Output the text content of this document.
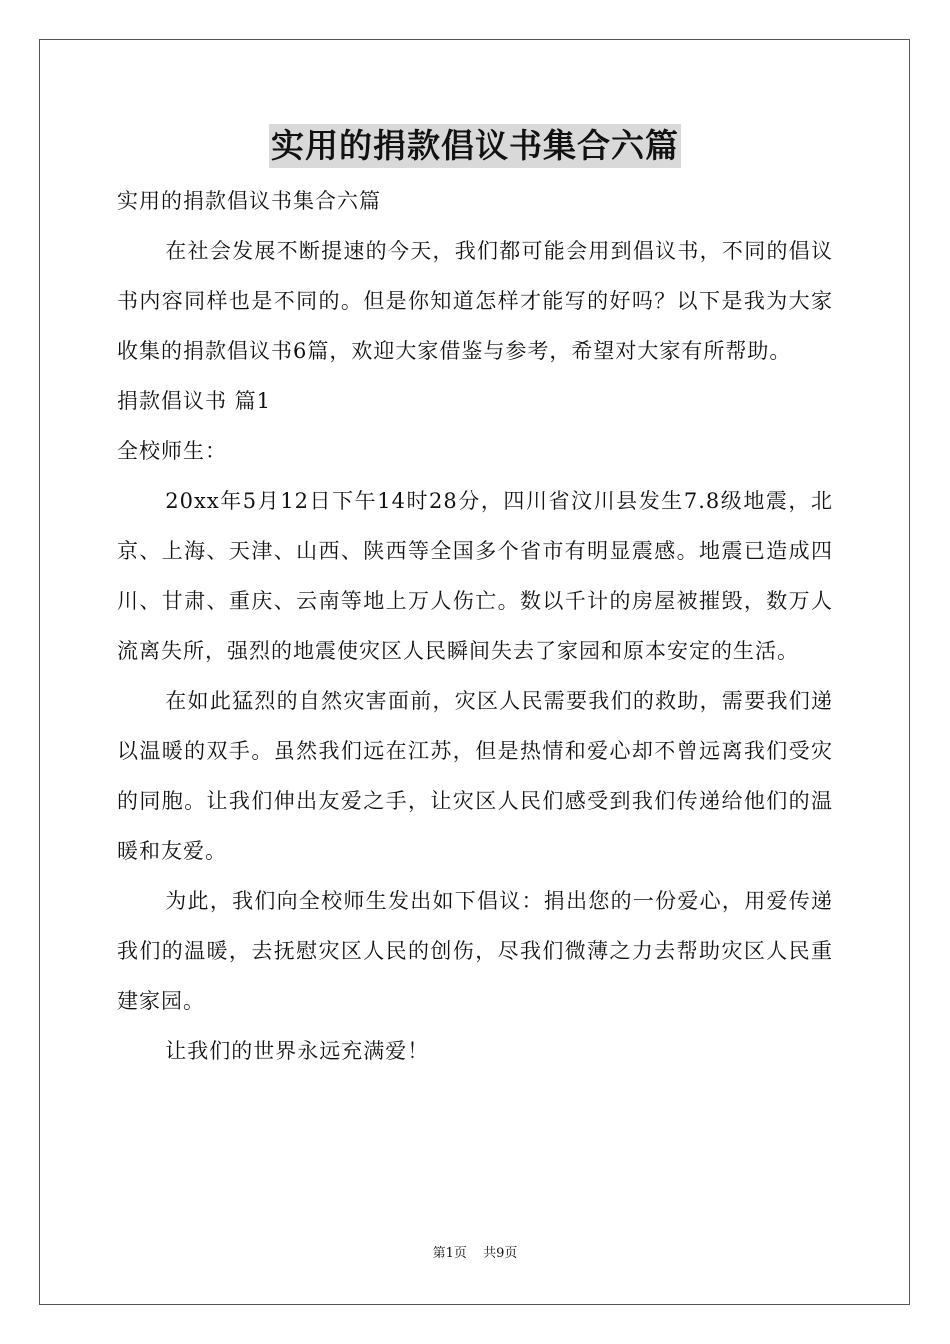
实用的捐款倡议书集合六篇

实用的捐款倡议书集合六篇

在社会发展不断提速的今天，我们都可能会用到倡议书，不同的倡议书内容同样也是不同的。但是你知道怎样才能写的好吗？以下是我为大家收集的捐款倡议书6篇，欢迎大家借鉴与参考，希望对大家有所帮助。

捐款倡议书 篇1

全校师生：

20xx年5月12日下午14时28分，四川省汶川县发生7.8级地震，北京、上海、天津、山西、陕西等全国多个省市有明显震感。地震已造成四川、甘肃、重庆、云南等地上万人伤亡。数以千计的房屋被摧毁，数万人流离失所，强烈的地震使灾区人民瞬间失去了家园和原本安定的生活。

在如此猛烈的自然灾害面前，灾区人民需要我们的救助，需要我们递以温暖的双手。虽然我们远在江苏，但是热情和爱心却不曾远离我们受灾的同胞。让我们伸出友爱之手，让灾区人民们感受到我们传递给他们的温暖和友爱。

为此，我们向全校师生发出如下倡议：捐出您的一份爱心，用爱传递我们的温暖，去抚慰灾区人民的创伤，尽我们微薄之力去帮助灾区人民重建家园。

让我们的世界永远充满爱！

第1页 共9页
